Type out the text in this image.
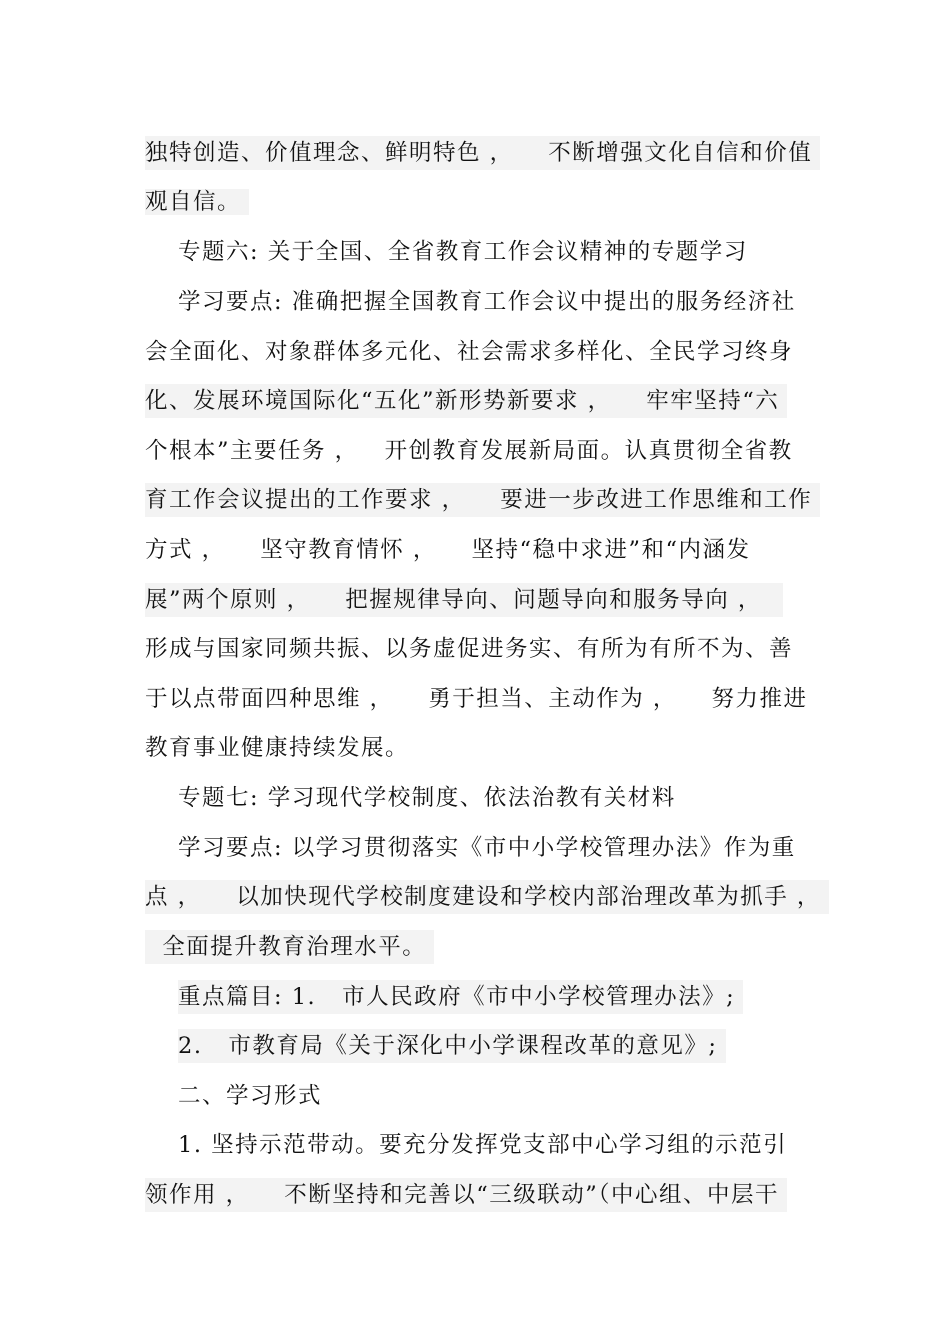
独特创造、价值理念、鲜明特色 ，    不断增强文化自信和价值
观自信。
专题六: 关于全国、全省教育工作会议精神的专题学习
学习要点: 准确把握全国教育工作会议中提出的服务经济社
会全面化、对象群体多元化、社会需求多样化、全民学习终身
化、发展环境国际化“五化”新形势新要求 ，    牢牢坚持“六
个根本”主要任务 ，   开创教育发展新局面。认真贯彻全省教
育工作会议提出的工作要求 ，    要进一步改进工作思维和工作
方式 ，    坚守教育情怀 ，    坚持“稳中求进”和“内涵发
展”两个原则 ，    把握规律导向、问题导向和服务导向 ，
形成与国家同频共振、以务虚促进务实、有所为有所不为、善
于以点带面四种思维 ，    勇于担当、主动作为 ，    努力推进
教育事业健康持续发展。
专题七: 学习现代学校制度、依法治教有关材料
学习要点: 以学习贯彻落实《市中小学校管理办法》作为重
点 ，    以加快现代学校制度建设和学校内部治理改革为抓手 ，
全面提升教育治理水平。
重点篇目: 1.   市人民政府《市中小学校管理办法》;
2.   市教育局《关于深化中小学课程改革的意见》;
二、学习形式
1. 坚持示范带动。要充分发挥党支部中心学习组的示范引
领作用 ，    不断坚持和完善以“三级联动”（中心组、中层干
